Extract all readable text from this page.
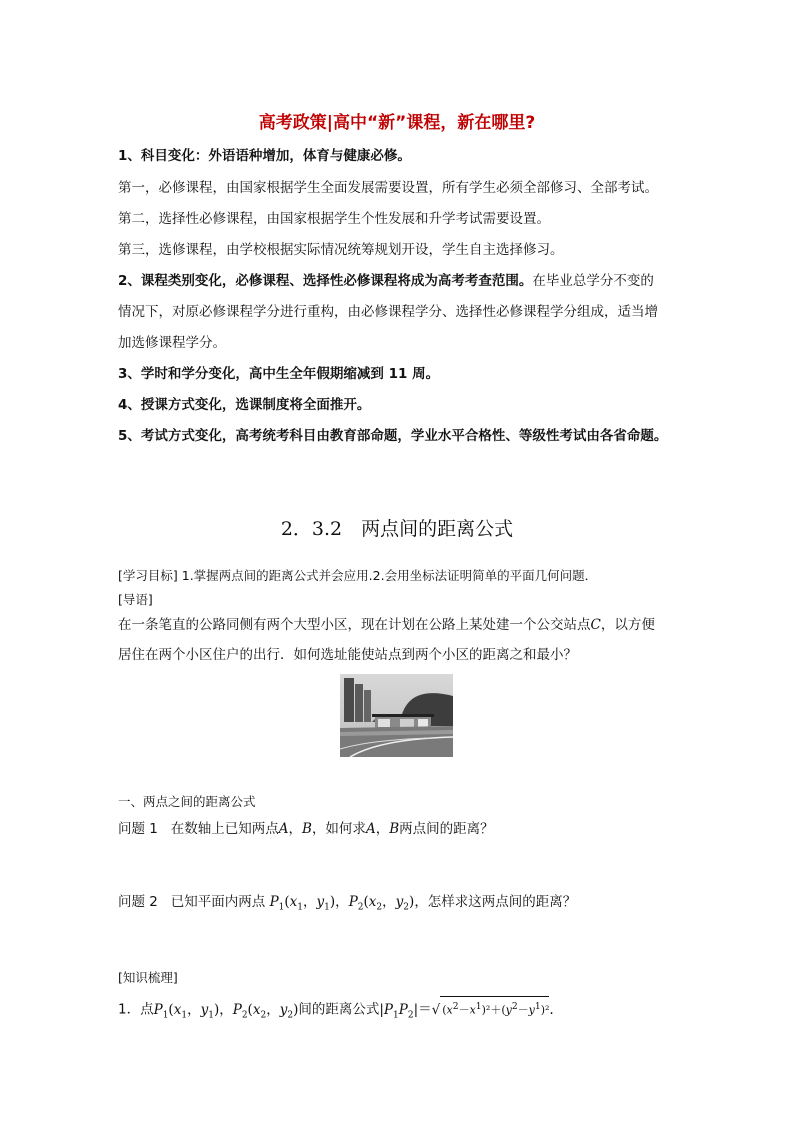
高考政策|高中“新”课程，新在哪里?
1、科目变化：外语语种增加，体育与健康必修。
第一，必修课程，由国家根据学生全面发展需要设置，所有学生必须全部修习、全部考试。
第二，选择性必修课程，由国家根据学生个性发展和升学考试需要设置。
第三，选修课程，由学校根据实际情况统筹规划开设，学生自主选择修习。
2、课程类别变化，必修课程、选择性必修课程将成为高考考查范围。在毕业总学分不变的
情况下，对原必修课程学分进行重构，由必修课程学分、选择性必修课程学分组成，适当增
加选修课程学分。
3、学时和学分变化，高中生全年假期缩减到 11 周。
4、授课方式变化，选课制度将全面推开。
5、考试方式变化，高考统考科目由教育部命题，学业水平合格性、等级性考试由各省命题。
2．3.2　两点间的距离公式
[学习目标] 1.掌握两点间的距离公式并会应用.2.会用坐标法证明简单的平面几何问题．
[导语]
在一条笔直的公路同侧有两个大型小区，现在计划在公路上某处建一个公交站点C，以方便
居住在两个小区住户的出行．如何选址能使站点到两个小区的距离之和最小？
一、两点之间的距离公式
问题 1 在数轴上已知两点A，B，如何求A，B两点间的距离？
问题 2 已知平面内两点 $P_1(x_1$，$y_1$)，$P_2(x_2$，$y_2$)，怎样求这两点间的距离？
[知识梳理]
1．点$P_1(x_1$，$y_1$)，$P_2(x_2$，$y_2$)间的距离公式$|P_1P_2|=√$ $(x^2-x^1)^2+(y^2-y^1)^2$.
